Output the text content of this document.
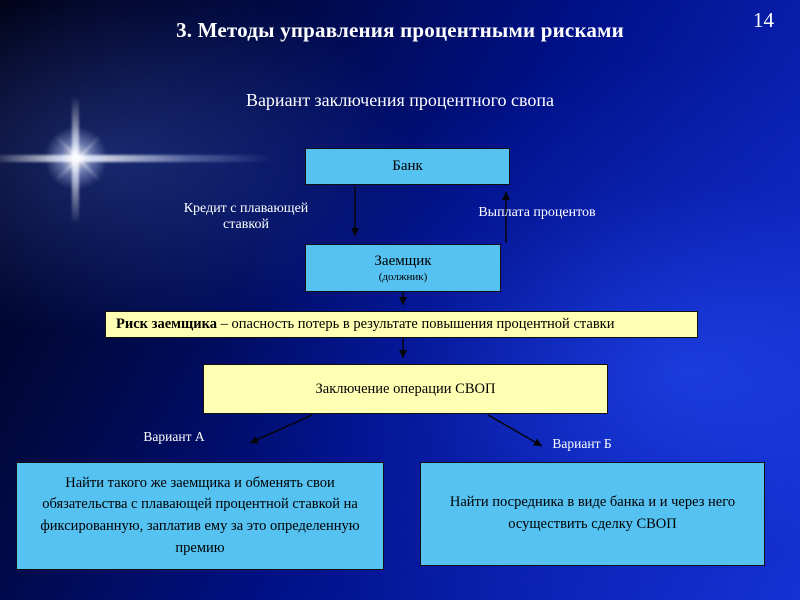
14
3. Методы управления процентными рисками
Вариант заключения процентного свопа
Банк
Кредит с плавающей ставкой
Выплата процентов
Заемщик
(должник)
Риск заемщика – опасность потерь в результате повышения процентной ставки
Заключение операции СВОП
Вариант А	Вариант Б
Найти такого же заемщика и обменять свои обязательства с плавающей процентной ставкой на фиксированную, заплатив ему за это определенную премию
Найти посредника в виде банка и и через него осуществить сделку СВОП
